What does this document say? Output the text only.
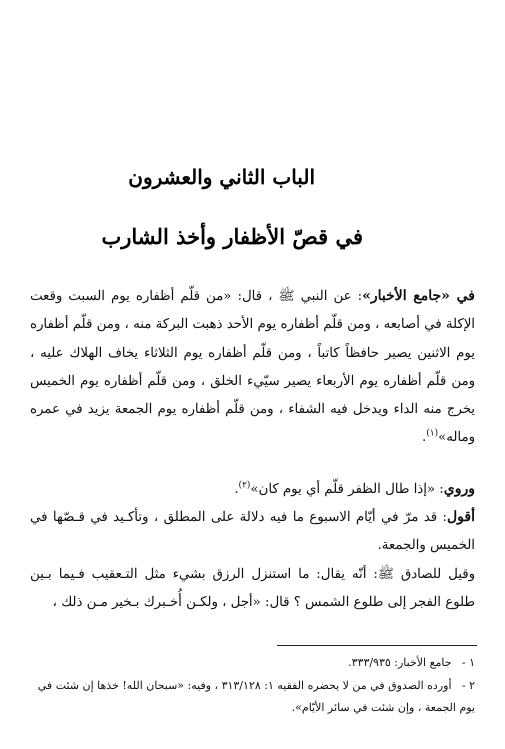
الباب الثاني والعشرون
في قصّ الأظفار وأخذ الشارب
في «جامع الأخبار»: عن النبي ﷺ ، قال: «من قلّم أظفاره يوم السبت وقعت الإكلة في أصابعه ، ومن قلّم أظفاره يوم الأحد ذهبت البركة منه ، ومن قلّم أظفاره يوم الاثنين يصير حافظاً كاتباً ، ومن قلّم أظفاره يوم الثلاثاء يخاف الهلاك عليه ، ومن قلّم أظفاره يوم الأربعاء يصير سيّيء الخلق ، ومن قلّم أظفاره يوم الخميس يخرج منه الداء ويدخل فيه الشفاء ، ومن قلّم أظفاره يوم الجمعة يزيد في عمره وماله»$^{(١)}$.
وروي: «إذا طال الظفر قلّم أي يوم كان»$^{(٢)}$.
أقول: قد مرّ في أيّام الاسبوع ما فيه دلالة على المطلق ، وتأكـيد في قـصّها في الخميس والجمعة.
وقيل للصادق ﷺ: أنّه يقال: ما استنزل الرزق بشيء مثل التـعقيب فـيما بـين طلوع الفجر إلى طلوع الشمس ؟ قال: «أجل ، ولكـن أُخـبرك بـخير مـن ذلك ،
١ - جامع الأخبار: ٣٣٣/٩٣٥.
٢ - أورده الصدوق في من لا يحضره الفقيه ١: ٣١٣/١٢٨ ، وفيه: «سبحان الله! خذها إن شئت في يوم الجمعة ، وإن شئت في سائر الأيّام».
